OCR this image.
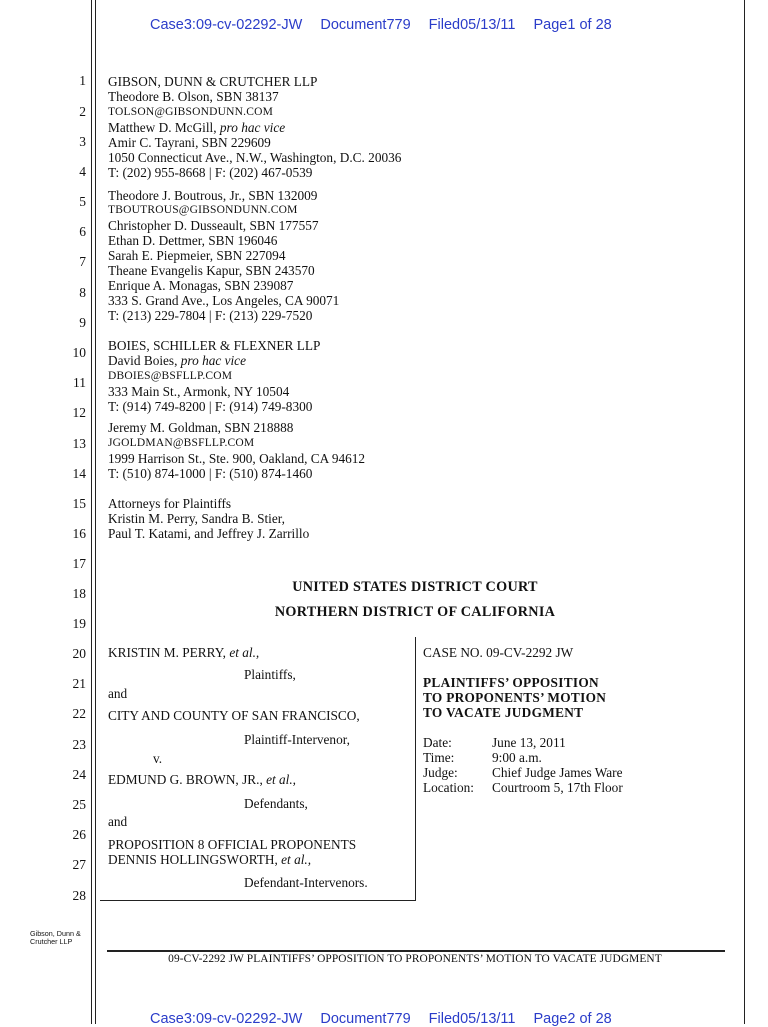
Case3:09-cv-02292-JW Document779 Filed05/13/11 Page1 of 28
1
2
3
4
5
6
7
8
9
10
11
12
13
14
15
16
17
18
19
20
21
22
23
24
25
26
27
28
GIBSON, DUNN & CRUTCHER LLP
Theodore B. Olson, SBN 38137
TOLSON@GIBSONDUNN.COM
Matthew D. McGill, pro hac vice
Amir C. Tayrani, SBN 229609
1050 Connecticut Ave., N.W., Washington, D.C. 20036
T: (202) 955-8668 | F: (202) 467-0539
Theodore J. Boutrous, Jr., SBN 132009
TBOUTROUS@GIBSONDUNN.COM
Christopher D. Dusseault, SBN 177557
Ethan D. Dettmer, SBN 196046
Sarah E. Piepmeier, SBN 227094
Theane Evangelis Kapur, SBN 243570
Enrique A. Monagas, SBN 239087
333 S. Grand Ave., Los Angeles, CA 90071
T: (213) 229-7804 | F: (213) 229-7520
BOIES, SCHILLER & FLEXNER LLP
David Boies, pro hac vice
DBOIES@BSFLLP.COM
333 Main St., Armonk, NY 10504
T: (914) 749-8200 | F: (914) 749-8300
Jeremy M. Goldman, SBN 218888
JGOLDMAN@BSFLLP.COM
1999 Harrison St., Ste. 900, Oakland, CA 94612
T: (510) 874-1000 | F: (510) 874-1460
Attorneys for Plaintiffs
Kristin M. Perry, Sandra B. Stier,
Paul T. Katami, and Jeffrey J. Zarrillo
UNITED STATES DISTRICT COURT
NORTHERN DISTRICT OF CALIFORNIA
KRISTIN M. PERRY, et al.,
Plaintiffs,
and
CITY AND COUNTY OF SAN FRANCISCO,
Plaintiff-Intervenor,
v.
EDMUND G. BROWN, JR., et al.,
Defendants,
and
PROPOSITION 8 OFFICIAL PROPONENTS
DENNIS HOLLINGSWORTH, et al.,
Defendant-Intervenors.
CASE NO. 09-CV-2292 JW
PLAINTIFFS’ OPPOSITION
TO PROPONENTS’ MOTION
TO VACATE JUDGMENT
Date:	June 13, 2011
Time:	9:00 a.m.
Judge:	Chief Judge James Ware
Location: Courtroom 5, 17th Floor
Gibson, Dunn &
Crutcher LLP
09-CV-2292 JW PLAINTIFFS’ OPPOSITION TO PROPONENTS’ MOTION TO VACATE JUDGMENT
Case3:09-cv-02292-JW Document779 Filed05/13/11 Page2 of 28
